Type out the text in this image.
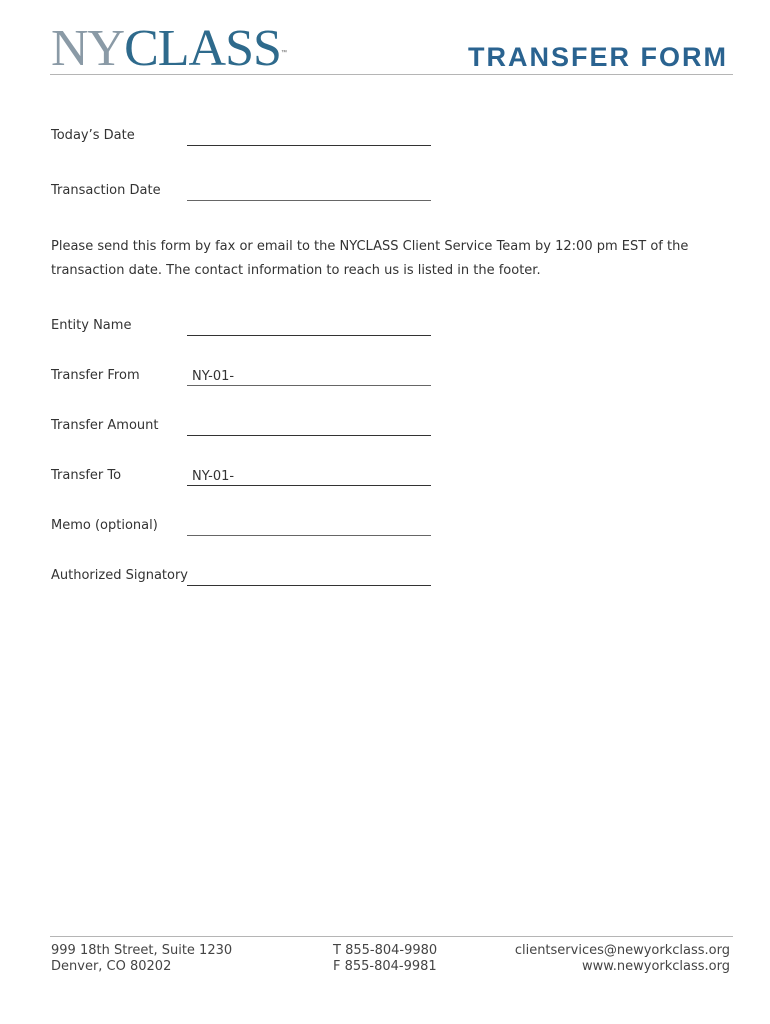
NYCLASS™	TRANSFER FORM
Today’s Date
Transaction Date

Please send this form by fax or email to the NYCLASS Client Service Team by 12:00 pm EST of the transaction date. The contact information to reach us is listed in the footer.

Entity Name
Transfer From	NY-01-
Transfer Amount
Transfer To	NY-01-
Memo (optional)
Authorized Signatory
999 18th Street, Suite 1230
Denver, CO 80202
T 855-804-9980
F 855-804-9981
clientservices@newyorkclass.org
www.newyorkclass.org
